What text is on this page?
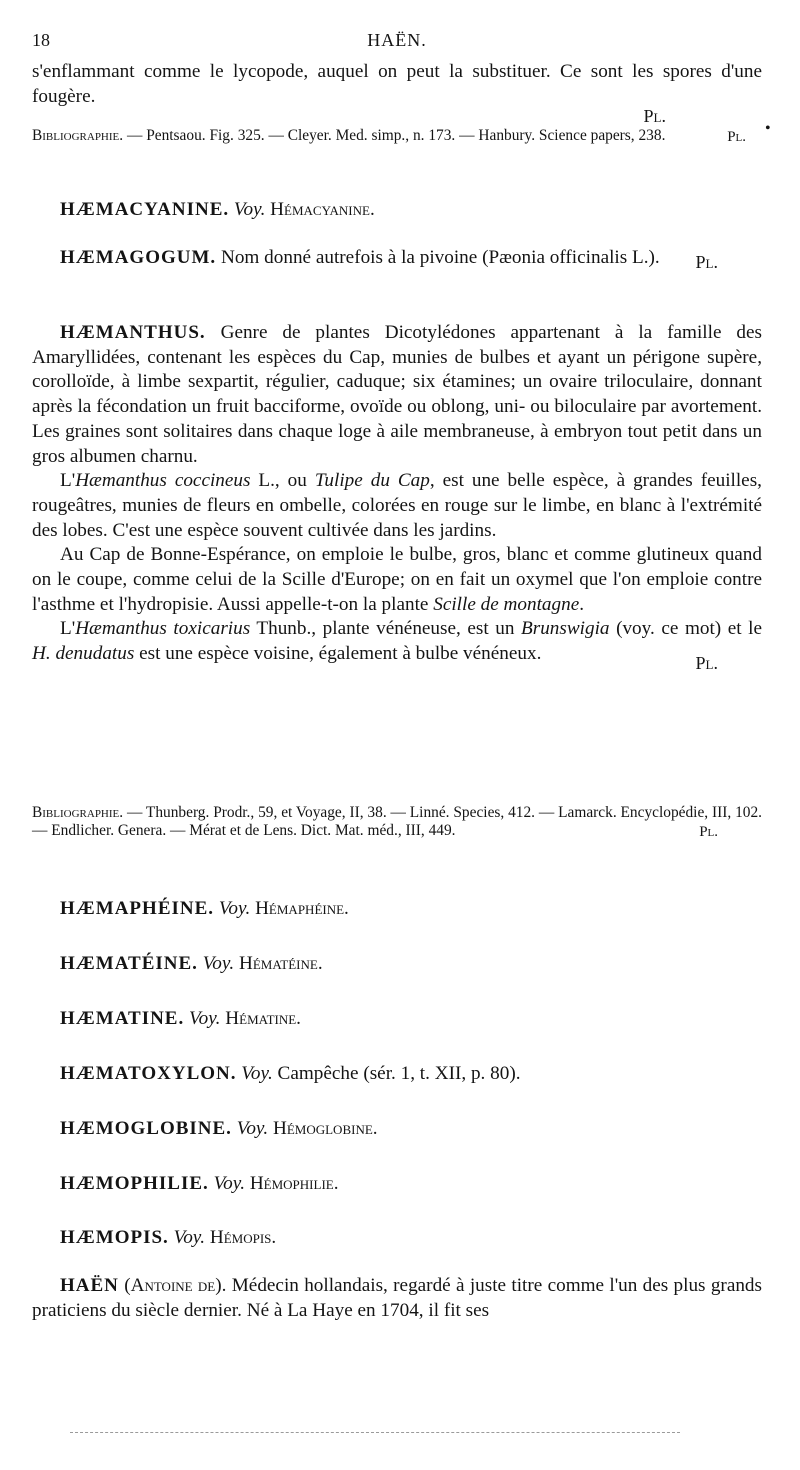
18	HAËN.
•

s'enflammant comme le lycopode, auquel on peut la substituer. Ce sont les spores d'une fougère.

Pl.

Bibliographie. — Pentsaou. Fig. 325. — Cleyer. Med. simp., n. 173. — Hanbury. Science papers, 238.	Pl.
HÆMACYANINE. Voy. Hémacyanine.

HÆMAGOGUM. Nom donné autrefois à la pivoine (Pæonia officinalis L.).	Pl.

HÆMANTHUS. Genre de plantes Dicotylédones appartenant à la famille des Amaryllidées, contenant les espèces du Cap, munies de bulbes et ayant un périgone supère, corolloïde, à limbe sexpartit, régulier, caduque; six étamines; un ovaire triloculaire, donnant après la fécondation un fruit bacciforme, ovoïde ou oblong, uni- ou biloculaire par avortement. Les graines sont solitaires dans chaque loge à aile membraneuse, à embryon tout petit dans un gros albumen charnu.

L'Hæmanthus coccineus L., ou Tulipe du Cap, est une belle espèce, à grandes feuilles, rougeâtres, munies de fleurs en ombelle, colorées en rouge sur le limbe, en blanc à l'extrémité des lobes. C'est une espèce souvent cultivée dans les jardins.

Au Cap de Bonne-Espérance, on emploie le bulbe, gros, blanc et comme glutineux quand on le coupe, comme celui de la Scille d'Europe; on en fait un oxymel que l'on emploie contre l'asthme et l'hydropisie. Aussi appelle-t-on la plante Scille de montagne.

L'Hæmanthus toxicarius Thunb., plante vénéneuse, est un Brunswigia (voy. ce mot) et le H. denudatus est une espèce voisine, également à bulbe vénéneux.	Pl.

Bibliographie. — Thunberg. Prodr., 59, et Voyage, II, 38. — Linné. Species, 412. — Lamarck. Encyclopédie, III, 102. — Endlicher. Genera. — Mérat et de Lens. Dict. Mat. méd., III, 449.	Pl.
HÆMAPHÉINE. Voy. Hémaphéine.
HÆMATÉINE. Voy. Hématéine.
HÆMATINE. Voy. Hématine.
HÆMATOXYLON. Voy. Campêche (sér. 1, t. XII, p. 80).
HÆMOGLOBINE. Voy. Hémoglobine.
HÆMOPHILIE. Voy. Hémophilie.
HÆMOPIS. Voy. Hémopis.

HAËN (Antoine de). Médecin hollandais, regardé à juste titre comme l'un des plus grands praticiens du siècle dernier. Né à La Haye en 1704, il fit ses
